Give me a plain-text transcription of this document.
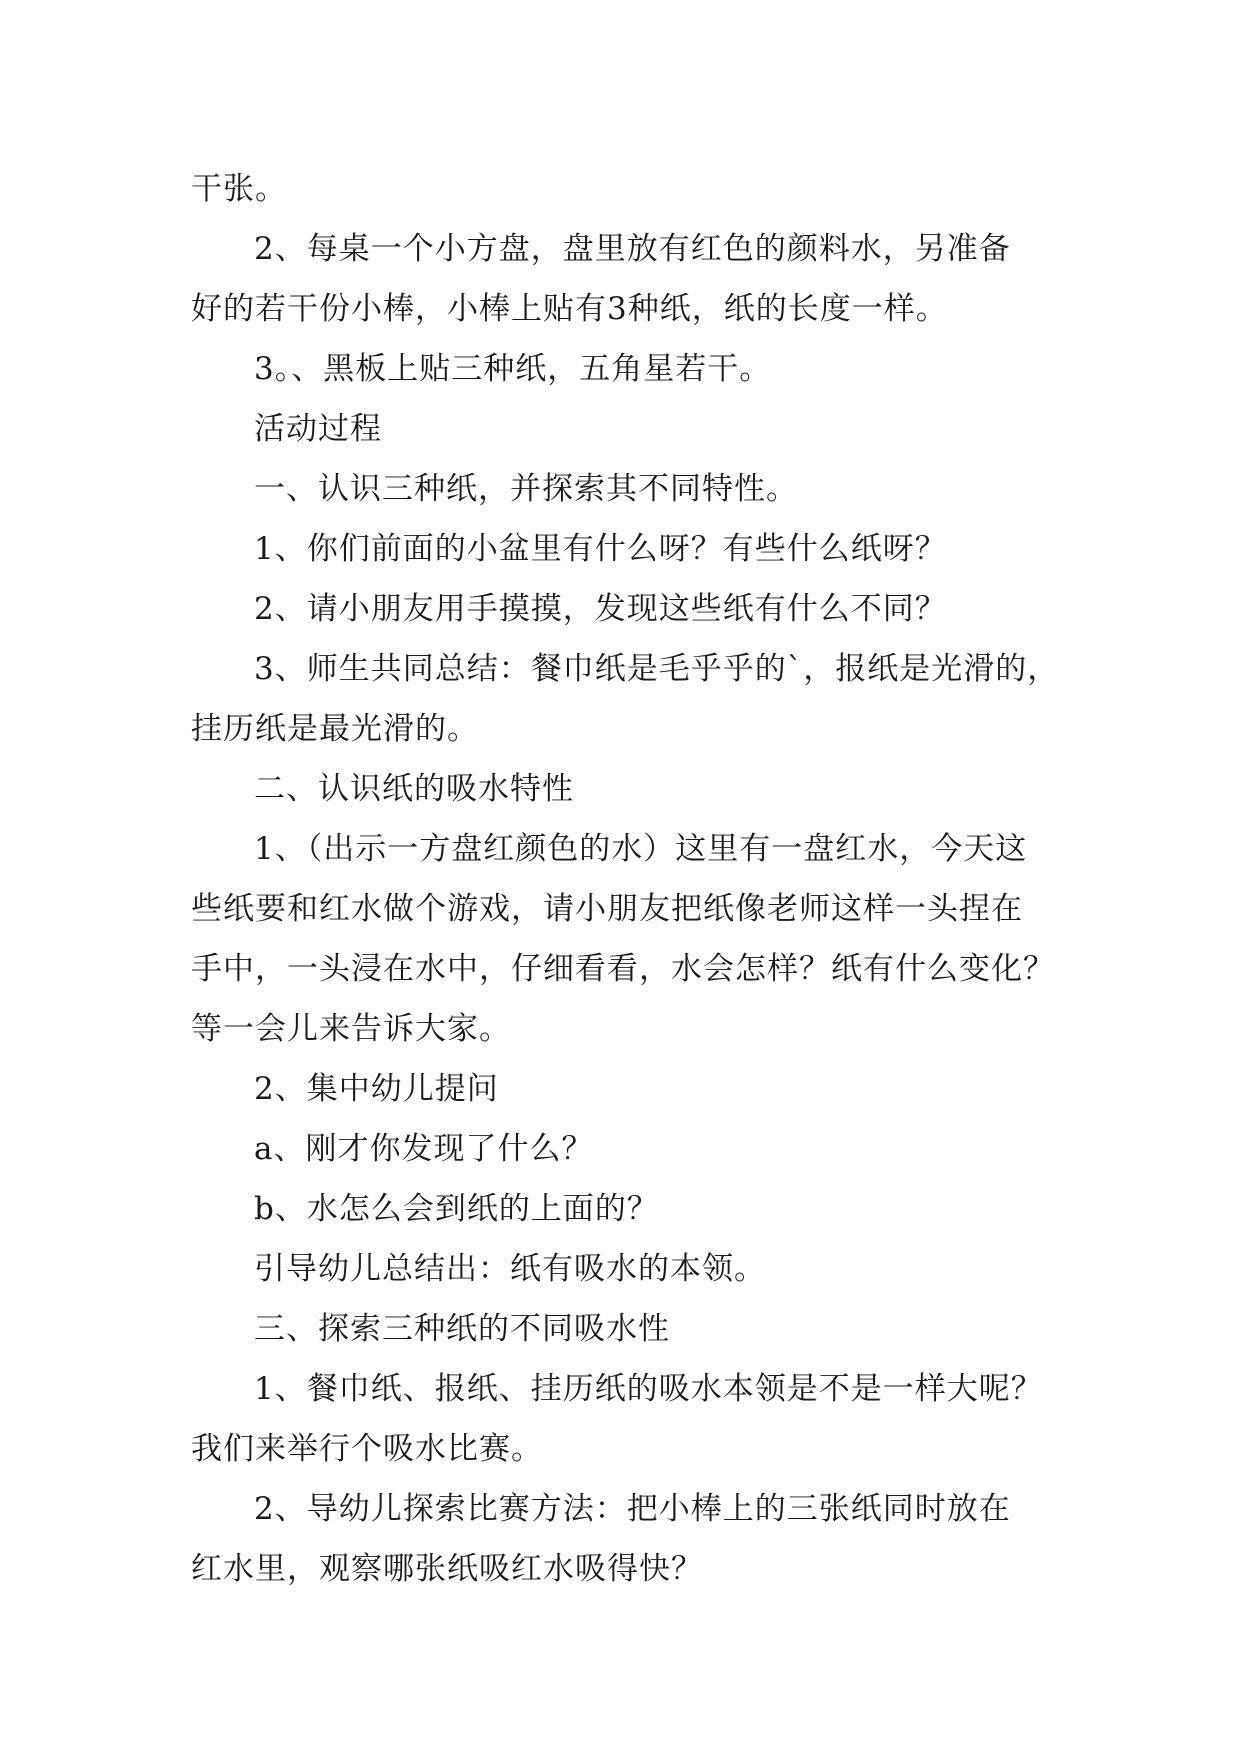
干张。
2、每桌一个小方盘，盘里放有红色的颜料水，另准备
好的若干份小棒，小棒上贴有3种纸，纸的长度一样。
3。、黑板上贴三种纸，五角星若干。
活动过程
一、认识三种纸，并探索其不同特性。
1、你们前面的小盆里有什么呀？有些什么纸呀？
2、请小朋友用手摸摸，发现这些纸有什么不同？
3、师生共同总结：餐巾纸是毛乎乎的`，报纸是光滑的，
挂历纸是最光滑的。
二、认识纸的吸水特性
1、（出示一方盘红颜色的水）这里有一盘红水，今天这
些纸要和红水做个游戏，请小朋友把纸像老师这样一头捏在
手中，一头浸在水中，仔细看看，水会怎样？纸有什么变化？
等一会儿来告诉大家。
2、集中幼儿提问
a、刚才你发现了什么？
b、水怎么会到纸的上面的？
引导幼儿总结出：纸有吸水的本领。
三、探索三种纸的不同吸水性
1、餐巾纸、报纸、挂历纸的吸水本领是不是一样大呢？
我们来举行个吸水比赛。
2、导幼儿探索比赛方法：把小棒上的三张纸同时放在
红水里，观察哪张纸吸红水吸得快？
